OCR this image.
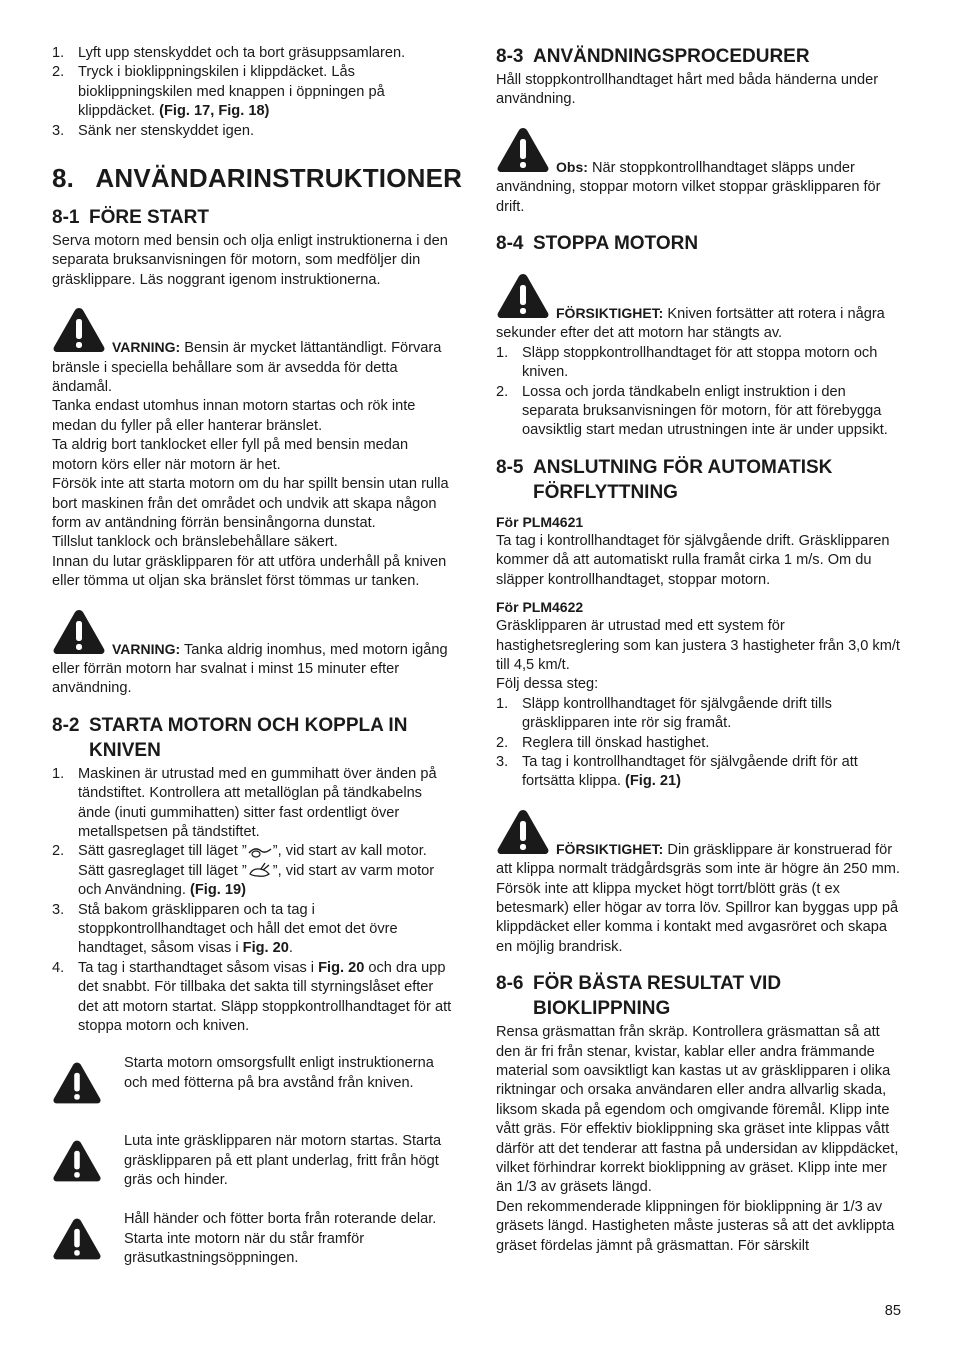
1. Lyft upp stenskyddet och ta bort gräsuppsamlaren.
2. Tryck i bioklippningskilen i klippdäcket. Lås bioklippningskilen med knappen i öppningen på klippdäcket. (Fig. 17, Fig. 18)
3. Sänk ner stenskyddet igen.
8.   ANVÄNDARINSTRUKTIONER
8-1 FÖRE START

Serva motorn med bensin och olja enligt instruktionerna i den separata bruksanvisningen för motorn, som medföljer din gräsklippare. Läs noggrant igenom instruktionerna.

VARNING: Bensin är mycket lättantändligt. Förvara bränsle i speciella behållare som är avsedda för detta ändamål.

Tanka endast utomhus innan motorn startas och rök inte medan du fyller på eller hanterar bränslet.

Ta aldrig bort tanklocket eller fyll på med bensin medan motorn körs eller när motorn är het.

Försök inte att starta motorn om du har spillt bensin utan rulla bort maskinen från det området och undvik att skapa någon form av antändning förrän bensinångorna dunstat.

Tillslut tanklock och bränslebehållare säkert.

Innan du lutar gräsklipparen för att utföra underhåll på kniven eller tömma ut oljan ska bränslet först tömmas ur tanken.

VARNING: Tanka aldrig inomhus, med motorn igång eller förrän motorn har svalnat i minst 15 minuter efter användning.

8-2 STARTA MOTORN OCH KOPPLA IN KNIVEN
1. Maskinen är utrustad med en gummihatt över änden på tändstiftet. Kontrollera att metallöglan på tändkabelns ände (inuti gummihatten) sitter fast ordentligt över metallspetsen på tändstiftet.
2. Sätt gasreglaget till läget ” ”, vid start av kall motor. Sätt gasreglaget till läget ” ”, vid start av varm motor och Användning. (Fig. 19)
3. Stå bakom gräsklipparen och ta tag i stoppkontrollhandtaget och håll det emot det övre handtaget, såsom visas i Fig. 20.
4. Ta tag i starthandtaget såsom visas i Fig. 20 och dra upp det snabbt. För tillbaka det sakta till styrningslåset efter det att motorn startat. Släpp stoppkontrollhandtaget för att stoppa motorn och kniven.

Starta motorn omsorgsfullt enligt instruktionerna och med fötterna på bra avstånd från kniven.

Luta inte gräsklipparen när motorn startas. Starta gräsklipparen på ett plant underlag, fritt från högt gräs och hinder.

Håll händer och fötter borta från roterande delar. Starta inte motorn när du står framför gräsutkastningsöppningen.

8-3 ANVÄNDNINGSPROCEDURER

Håll stoppkontrollhandtaget hårt med båda händerna under användning.

Obs: När stoppkontrollhandtaget släpps under användning, stoppar motorn vilket stoppar gräsklipparen för drift.

8-4 STOPPA MOTORN

FÖRSIKTIGHET: Kniven fortsätter att rotera i några sekunder efter det att motorn har stängts av.

1. Släpp stoppkontrollhandtaget för att stoppa motorn och kniven.
2. Lossa och jorda tändkabeln enligt instruktion i den separata bruksanvisningen för motorn, för att förebygga oavsiktlig start medan utrustningen inte är under uppsikt.
8-5 ANSLUTNING FÖR AUTOMATISK FÖRFLYTTNING
För PLM4621

Ta tag i kontrollhandtaget för självgående drift. Gräsklipparen kommer då att automatiskt rulla framåt cirka 1 m/s. Om du släpper kontrollhandtaget, stoppar motorn.

För PLM4622

Gräsklipparen är utrustad med ett system för hastighetsreglering som kan justera 3 hastigheter från 3,0 km/t till 4,5 km/t.

Följ dessa steg:

1. Släpp kontrollhandtaget för självgående drift tills gräsklipparen inte rör sig framåt.
2. Reglera till önskad hastighet.
3. Ta tag i kontrollhandtaget för självgående drift för att fortsätta klippa. (Fig. 21)

FÖRSIKTIGHET: Din gräsklippare är konstruerad för att klippa normalt trädgårdsgräs som inte är högre än 250 mm.

Försök inte att klippa mycket högt torrt/blött gräs (t ex betesmark) eller högar av torra löv. Spillror kan byggas upp på klippdäcket eller komma i kontakt med avgasröret och skapa en möjlig brandrisk.

8-6 FÖR BÄSTA RESULTAT VID BIOKLIPPNING

Rensa gräsmattan från skräp. Kontrollera gräsmattan så att den är fri från stenar, kvistar, kablar eller andra främmande material som oavsiktligt kan kastas ut av gräsklipparen i olika riktningar och orsaka användaren eller andra allvarlig skada, liksom skada på egendom och omgivande föremål. Klipp inte vått gräs. För effektiv bioklippning ska gräset inte klippas vått därför att det tenderar att fastna på undersidan av klippdäcket, vilket förhindrar korrekt bioklippning av gräset. Klipp inte mer än 1/3 av gräsets längd.

Den rekommenderade klippningen för bioklippning är 1/3 av gräsets längd. Hastigheten måste justeras så att det avklippta gräset fördelas jämnt på gräsmattan. För särskilt

85
